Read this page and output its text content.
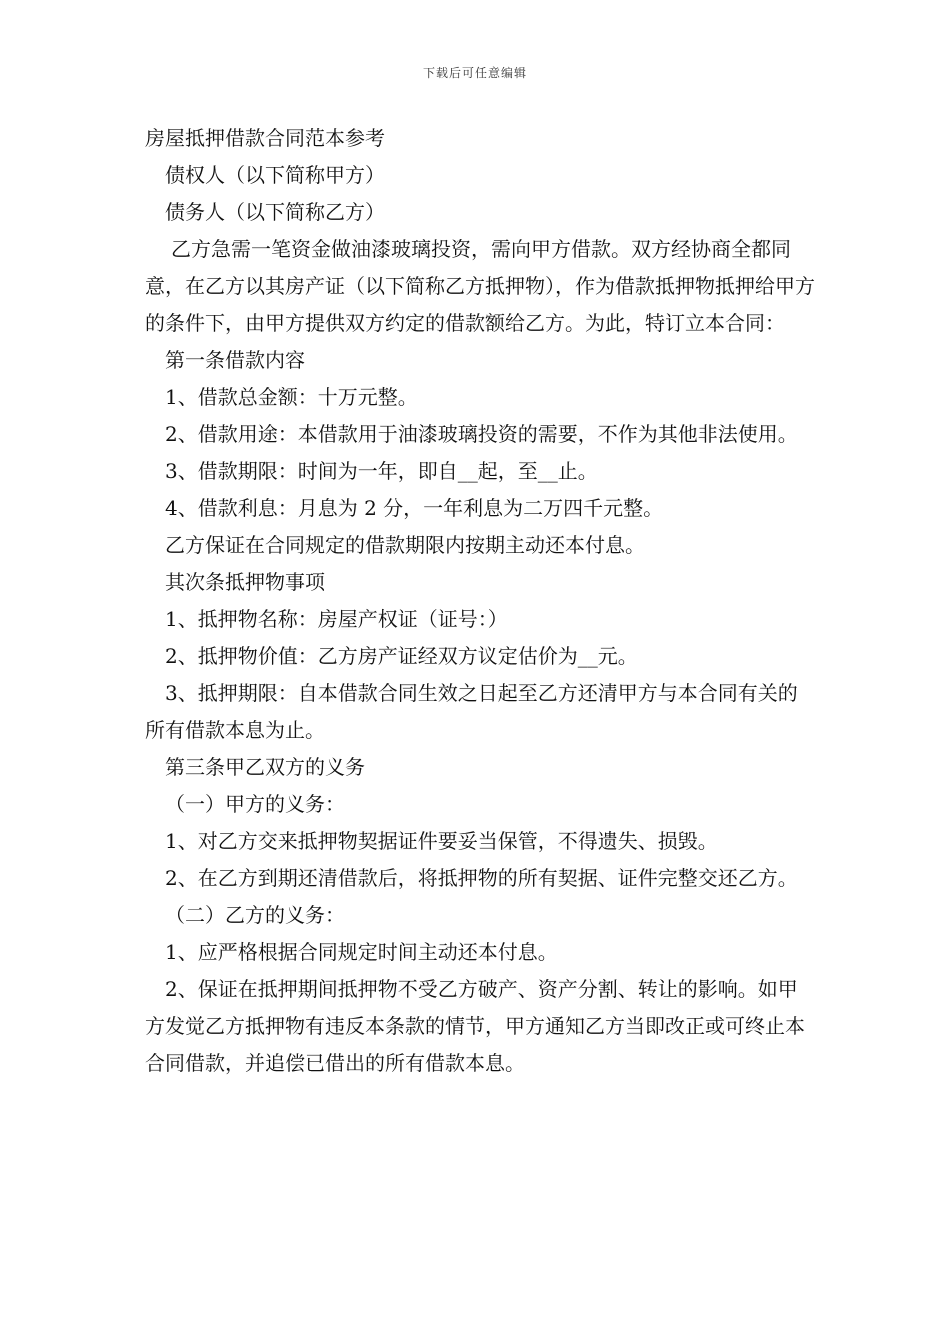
下载后可任意编辑

房屋抵押借款合同范本参考

债权人（以下简称甲方）

债务人（以下简称乙方）

乙方急需一笔资金做油漆玻璃投资，需向甲方借款。双方经协商全都同意，在乙方以其房产证（以下简称乙方抵押物），作为借款抵押物抵押给甲方的条件下，由甲方提供双方约定的借款额给乙方。为此，特订立本合同：

第一条借款内容

1、借款总金额：十万元整。

2、借款用途：本借款用于油漆玻璃投资的需要，不作为其他非法使用。

3、借款期限：时间为一年，即自__起，至__止。

4、借款利息：月息为 2 分，一年利息为二万四千元整。

乙方保证在合同规定的借款期限内按期主动还本付息。

其次条抵押物事项

1、抵押物名称：房屋产权证（证号：）

2、抵押物价值：乙方房产证经双方议定估价为__元。

3、抵押期限：自本借款合同生效之日起至乙方还清甲方与本合同有关的所有借款本息为止。

第三条甲乙双方的义务

（一）甲方的义务：

1、对乙方交来抵押物契据证件要妥当保管，不得遗失、损毁。

2、在乙方到期还清借款后，将抵押物的所有契据、证件完整交还乙方。

（二）乙方的义务：

1、应严格根据合同规定时间主动还本付息。

2、保证在抵押期间抵押物不受乙方破产、资产分割、转让的影响。如甲方发觉乙方抵押物有违反本条款的情节，甲方通知乙方当即改正或可终止本合同借款，并追偿已借出的所有借款本息。
